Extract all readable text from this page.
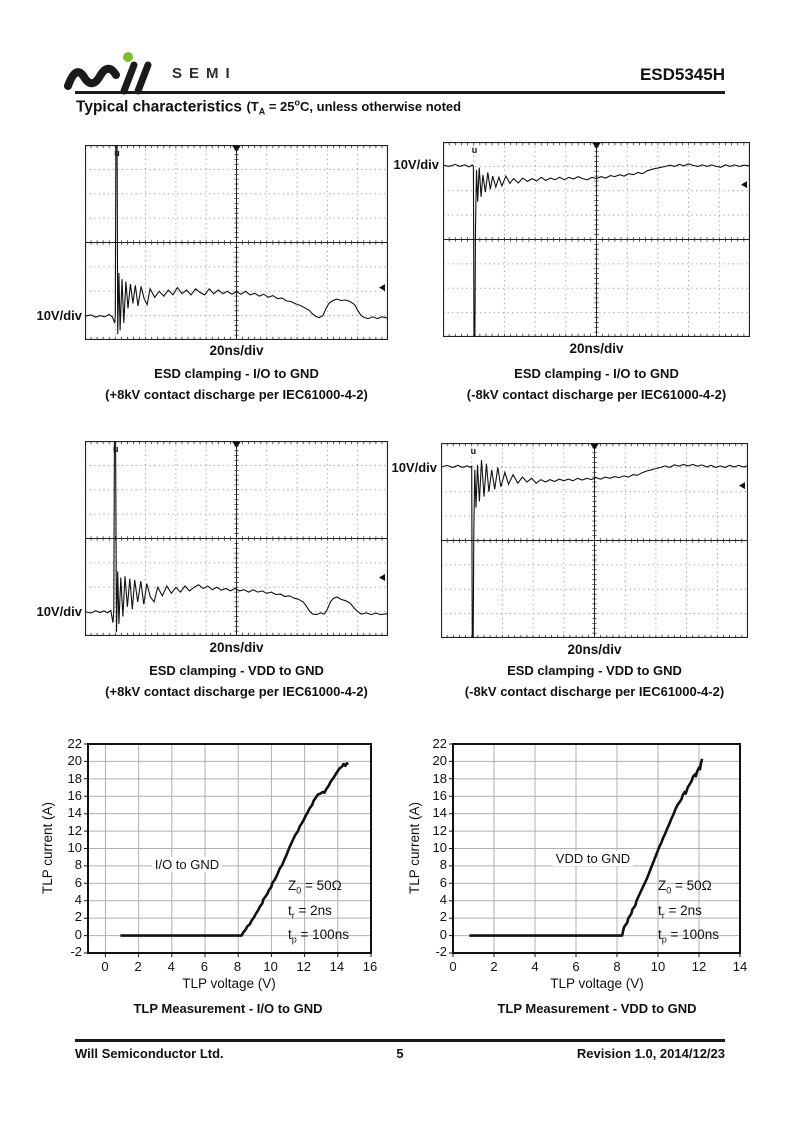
SEMI	ESD5345H
Typical characteristics ($T_A = 25^oC$, unless otherwise noted
u
10V/div
20ns/div
ESD clamping - I/O to GND
(+8kV contact discharge per IEC61000-4-2)
u
10V/div
20ns/div
ESD clamping - I/O to GND
(-8kV contact discharge per IEC61000-4-2)
u
10V/div
20ns/div
ESD clamping - VDD to GND
(+8kV contact discharge per IEC61000-4-2)
u
10V/div
20ns/div
ESD clamping - VDD to GND
(-8kV contact discharge per IEC61000-4-2)
22
20
18
16
14
12
10
8
6
4
2
0
-2
0	2	4	6	8	10	12	14	16
TLP current (A)
TLP voltage (V)
I/O to GND
$Z_0 = 50\Omega$
$t_r = 2ns$
$t_p = 100ns$
TLP Measurement - I/O to GND
22
20
18
16
14
12
10
8
6
4
2
0
-2
0	2	4	6	8	10	12	14
TLP current (A)
TLP voltage (V)
VDD to GND
$Z_0 = 50\Omega$
$t_r = 2ns$
$t_p = 100ns$
TLP Measurement - VDD to GND
Will Semiconductor Ltd.	5	Revision 1.0, 2014/12/23
